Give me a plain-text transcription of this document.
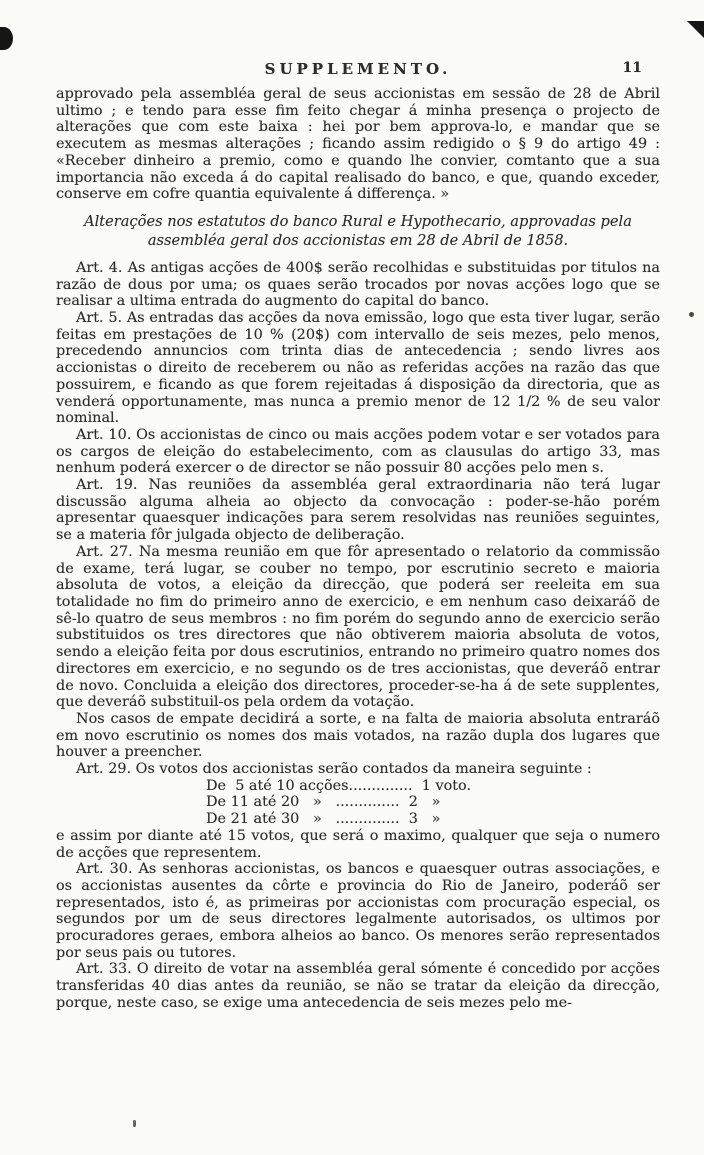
SUPPLEMENTO.	11

approvado pela assembléa geral de seus accionistas em sessão de 28 de Abril ultimo ; e tendo para esse fim feito chegar á minha presença o projecto de alterações que com este baixa : hei por bem approva-lo, e mandar que se executem as mesmas alterações ; ficando assim redigido o § 9 do artigo 49 : «Receber dinheiro a premio, como e quando lhe convier, comtanto que a sua importancia não exceda á do capital realisado do banco, e que, quando exceder, conserve em cofre quantia equivalente á differença. »

Alterações nos estatutos do banco Rural e Hypothecario, approvadas pela
assembléa geral dos accionistas em 28 de Abril de 1858.

Art. 4. As antigas acções de 400$ serão recolhidas e substituidas por titulos na razão de dous por uma; os quaes serão trocados por novas acções logo que se realisar a ultima entrada do augmento do capital do banco.

Art. 5. As entradas das acções da nova emissão, logo que esta tiver lugar, serão feitas em prestações de 10 % (20$) com intervallo de seis mezes, pelo menos, precedendo annuncios com trinta dias de antecedencia ; sendo livres aos accionistas o direito de receberem ou não as referidas acções na razão das que possuirem, e ficando as que forem rejeitadas á disposição da directoria, que as venderá opportunamente, mas nunca a premio menor de 12 1/2 % de seu valor nominal.

Art. 10. Os accionistas de cinco ou mais acções podem votar e ser votados para os cargos de eleição do estabelecimento, com as clausulas do artigo 33, mas nenhum poderá exercer o de director se não possuir 80 acções pelo men s.

Art. 19. Nas reuniões da assembléa geral extraordinaria não terá lugar discussão alguma alheia ao objecto da convocação : poder-se-hão porém apresentar quaesquer indicações para serem resolvidas nas reuniões seguintes, se a materia fôr julgada objecto de deliberação.

Art. 27. Na mesma reunião em que fôr apresentado o relatorio da commissão de exame, terá lugar, se couber no tempo, por escrutinio secreto e maioria absoluta de votos, a eleição da direcção, que poderá ser reeleita em sua totalidade no fim do primeiro anno de exercicio, e em nenhum caso deixaráõ de sê-lo quatro de seus membros : no fim porém do segundo anno de exercicio serão substituidos os tres directores que não obtiverem maioria absoluta de votos, sendo a eleição feita por dous escrutinios, entrando no primeiro quatro nomes dos directores em exercicio, e no segundo os de tres accionistas, que deveráõ entrar de novo. Concluida a eleição dos directores, proceder-se-ha á de sete supplentes, que deveráõ substituil-os pela ordem da votação.

Nos casos de empate decidirá a sorte, e na falta de maioria absoluta entraráõ em novo escrutinio os nomes dos mais votados, na razão dupla dos lugares que houver a preencher.

Art. 29. Os votos dos accionistas serão contados da maneira seguinte :

De  5 até 10 acções..............  1 voto.
De 11 até 20   »   ..............  2   »
De 21 até 30   »   ..............  3   »

e assim por diante até 15 votos, que será o maximo, qualquer que seja o numero de acções que representem.

Art. 30. As senhoras accionistas, os bancos e quaesquer outras associações, e os accionistas ausentes da côrte e provincia do Rio de Janeiro, poderáõ ser representados, isto é, as primeiras por accionistas com procuração especial, os segundos por um de seus directores legalmente autorisados, os ultimos por procuradores geraes, embora alheios ao banco. Os menores serão representados por seus pais ou tutores.

Art. 33. O direito de votar na assembléa geral sómente é concedido por acções transferidas 40 dias antes da reunião, se não se tratar da eleição da direcção, porque, neste caso, se exige uma antecedencia de seis mezes pelo me-
